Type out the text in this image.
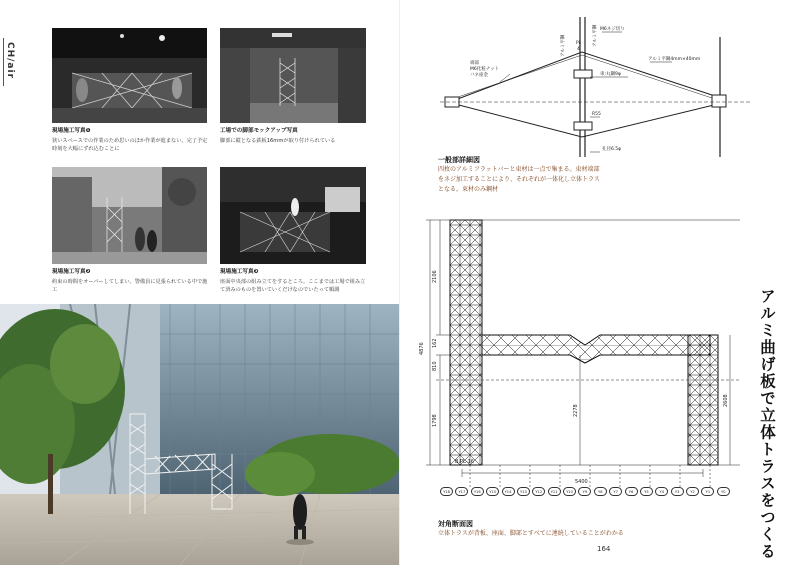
CH/air
現場施工写真❶
狭いスペースでの作業のため思いのほか作業が進まない。完了予定時刻を大幅にずれ込むことに
工場での脚部モックアップ写真
脚部に縦となる鉄板16mmが取り付けられている
現場施工写真❷
約束の時間をオーバーしてしまい、警備員に見張られている中で施工
現場施工写真❸
座面中央部の組み立てをするところ。ここまでは工場で組み立て済みのものを置いていくだけなのでいたって順調
M6ネジ切り
端部
M6化粧ナット
バネ座金
アルミ平鋼4mm×40mm
束:丸鋼9φ
R55
孔径6.5φ
アルミ平鋼	アルミ平鋼
PL
4
一般部詳細図
四枚のアルミフラットバーと束材は一点で集まる。束材端部をネジ加工することにより、それぞれが一体化し立体トラスとなる。束材のみ鋼材
4876
2106
162
810
1798
2278
2608
5400
B.PL-16
Y18	Y17	Y16	Y15	Y14	Y13	Y12	Y11	Y10	Y9	Y8	Y7	Y6	Y5	Y4	Y3	Y2	Y1	Y0
対角断面図
立体トラスが背板、座面、脚部とすべてに連続していることがわかる
164	アルミ曲げ板で立体トラスをつくる
